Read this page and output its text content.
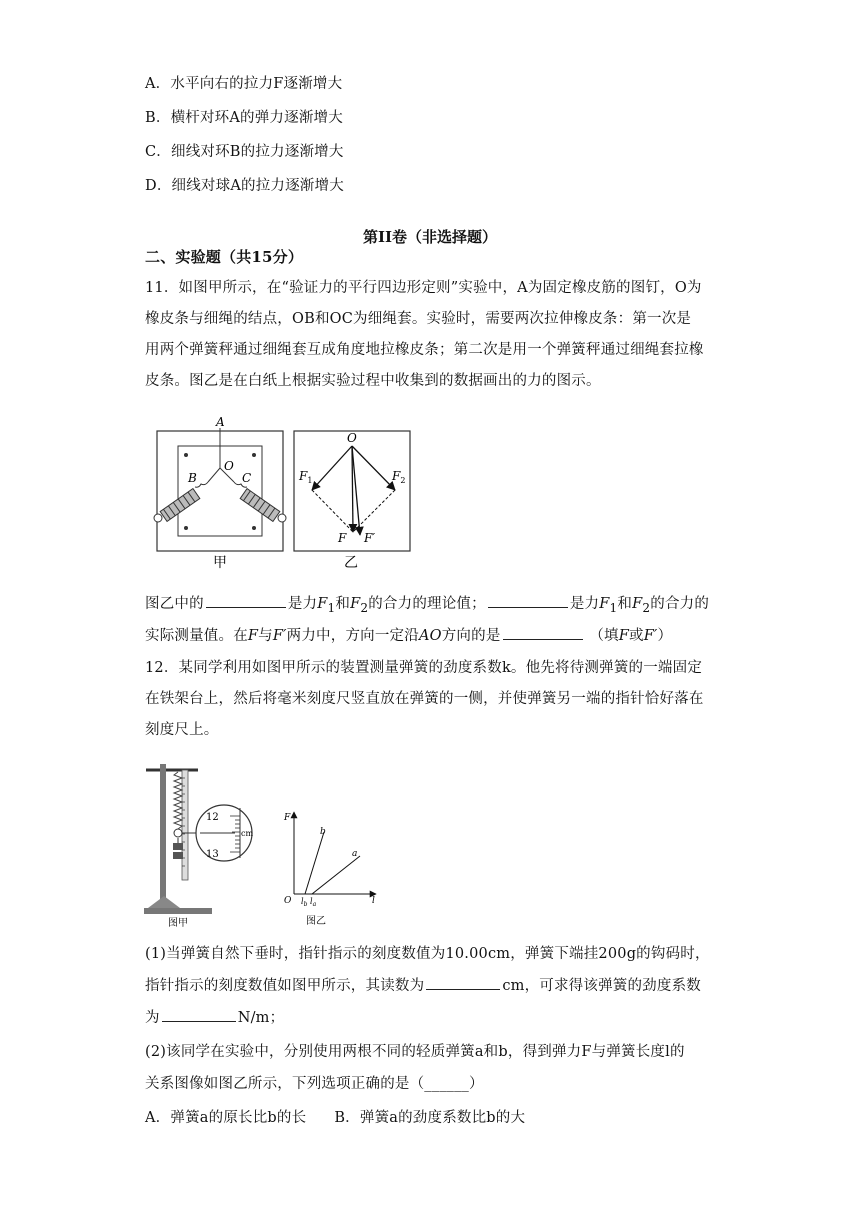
A．水平向右的拉力F逐渐增大
B．横杆对环A的弹力逐渐增大
C．细线对环B的拉力逐渐增大
D．细线对球A的拉力逐渐增大
第II卷（非选择题）
二、实验题（共15分）
11．如图甲所示，在“验证力的平行四边形定则”实验中，A为固定橡皮筋的图钉，O为
橡皮条与细绳的结点，OB和OC为细绳套。实验时，需要两次拉伸橡皮条：第一次是
用两个弹簧秤通过细绳套互成角度地拉橡皮条；第二次是用一个弹簧秤通过细绳套拉橡
皮条。图乙是在白纸上根据实验过程中收集到的数据画出的力的图示。
A
O
B	C
甲
O
$F_1$	$F_2$
F F′
乙
图乙中的	是力$F_1$和$F_2$的合力的理论值；	是力$F_1$和$F_2$的合力的
实际测量值。在F与F′两力中，方向一定沿AO方向的是	（填F或F′）
12．某同学利用如图甲所示的装置测量弹簧的劲度系数k。他先将待测弹簧的一端固定
在铁架台上，然后将毫米刻度尺竖直放在弹簧的一侧，并使弹簧另一端的指针恰好落在
刻度尺上。
12
13
cm
图甲
F
O	l
b
a
$l_b$ $l_a$
图乙
(1)当弹簧自然下垂时，指针指示的刻度数值为10.00cm，弹簧下端挂200g的钩码时，
指针指示的刻度数值如图甲所示，其读数为	cm，可求得该弹簧的劲度系数
为	N/m；
(2)该同学在实验中，分别使用两根不同的轻质弹簧a和b，得到弹力F与弹簧长度l的
关系图像如图乙所示，下列选项正确的是（______）
A．弹簧a的原长比b的长 B．弹簧a的劲度系数比b的大
